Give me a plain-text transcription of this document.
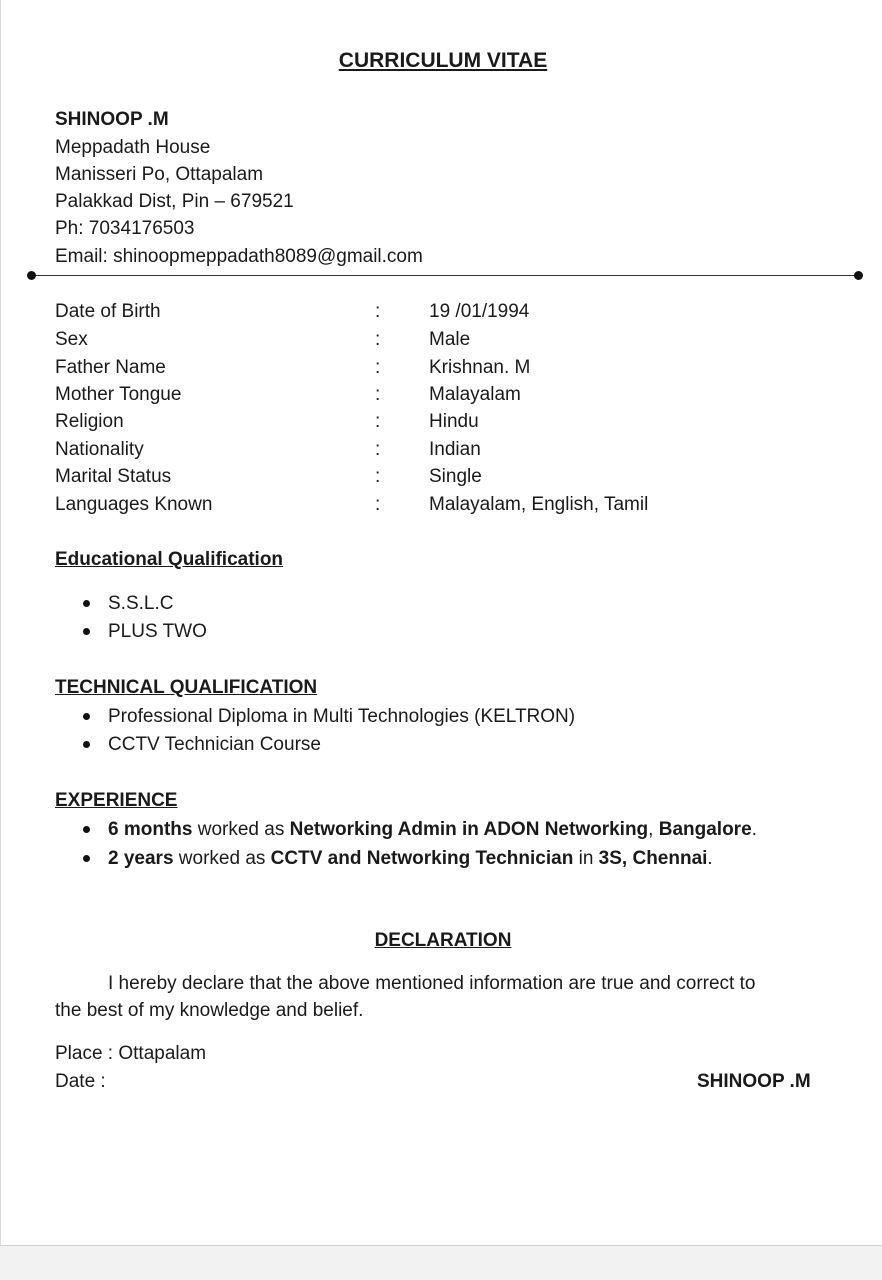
CURRICULUM VITAE
SHINOOP .M
Meppadath House
Manisseri Po, Ottapalam
Palakkad Dist, Pin – 679521
Ph: 7034176503
Email: shinoopmeppadath8089@gmail.com
Date of Birth	:	19 /01/1994
Sex	:	Male
Father Name	:	Krishnan. M
Mother Tongue	:	Malayalam
Religion	:	Hindu
Nationality	:	Indian
Marital Status	:	Single
Languages Known	:	Malayalam, English, Tamil
Educational Qualification
S.S.L.C
PLUS TWO
TECHNICAL QUALIFICATION
Professional Diploma in Multi Technologies (KELTRON)
CCTV Technician Course
EXPERIENCE
6 months worked as Networking Admin in ADON Networking, Bangalore.
2 years worked as CCTV and Networking Technician in 3S, Chennai.
DECLARATION
I hereby declare that the above mentioned information are true and correct to
the best of my knowledge and belief.
Place : Ottapalam
Date :	SHINOOP .M
